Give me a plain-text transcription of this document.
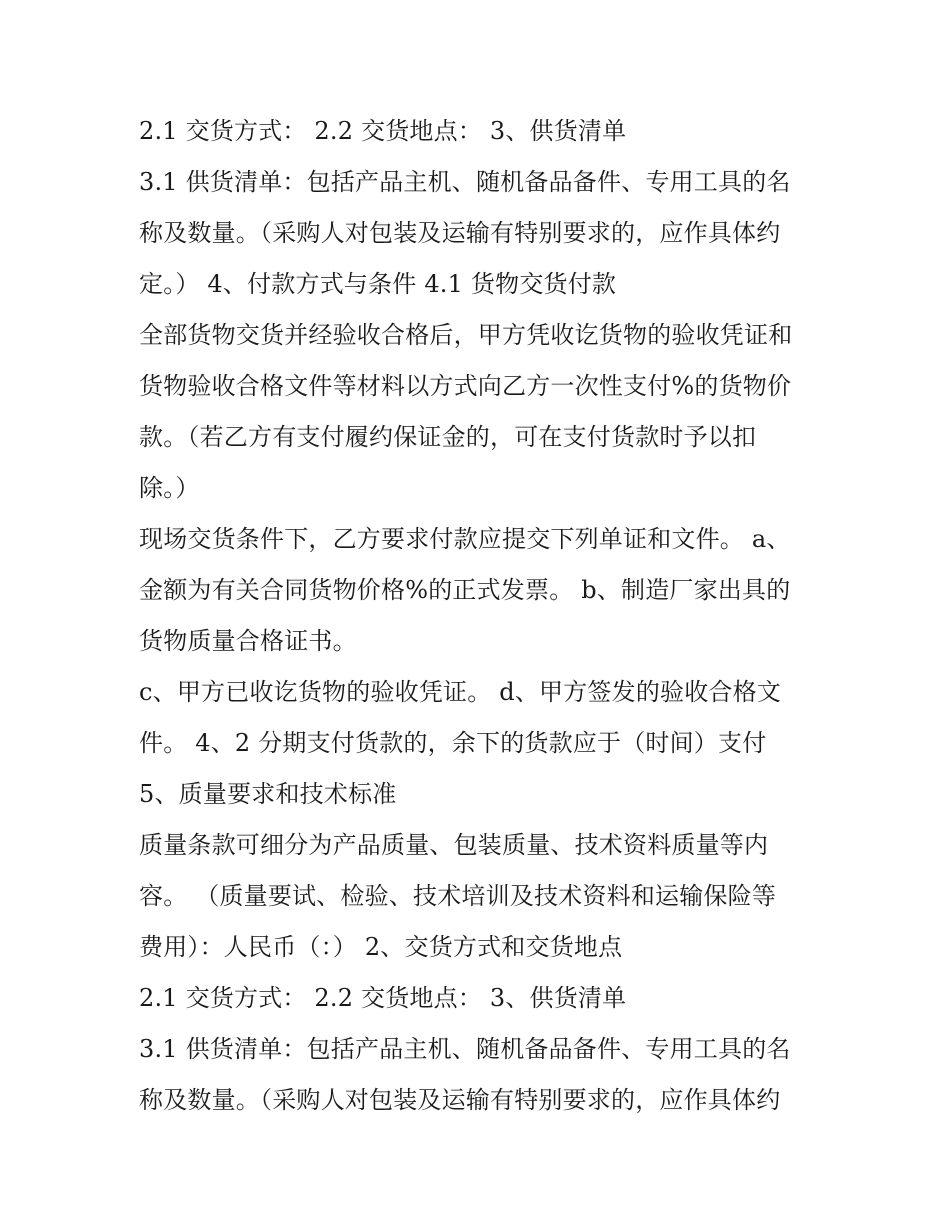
2.1 交货方式： 2.2 交货地点： 3、供货清单
3.1 供货清单：包括产品主机、随机备品备件、专用工具的名
称及数量。（采购人对包装及运输有特别要求的，应作具体约
定。） 4、付款方式与条件 4.1 货物交货付款
全部货物交货并经验收合格后，甲方凭收讫货物的验收凭证和
货物验收合格文件等材料以方式向乙方一次性支付%的货物价
款。（若乙方有支付履约保证金的，可在支付货款时予以扣
除。）
现场交货条件下，乙方要求付款应提交下列单证和文件。 a、
金额为有关合同货物价格%的正式发票。 b、制造厂家出具的
货物质量合格证书。
c、甲方已收讫货物的验收凭证。 d、甲方签发的验收合格文
件。 4、2 分期支付货款的，余下的货款应于（时间）支付
5、质量要求和技术标准
质量条款可细分为产品质量、包装质量、技术资料质量等内
容。 （质量要试、检验、技术培训及技术资料和运输保险等
费用）：人民币（：） 2、交货方式和交货地点
2.1 交货方式： 2.2 交货地点： 3、供货清单
3.1 供货清单：包括产品主机、随机备品备件、专用工具的名
称及数量。（采购人对包装及运输有特别要求的，应作具体约
